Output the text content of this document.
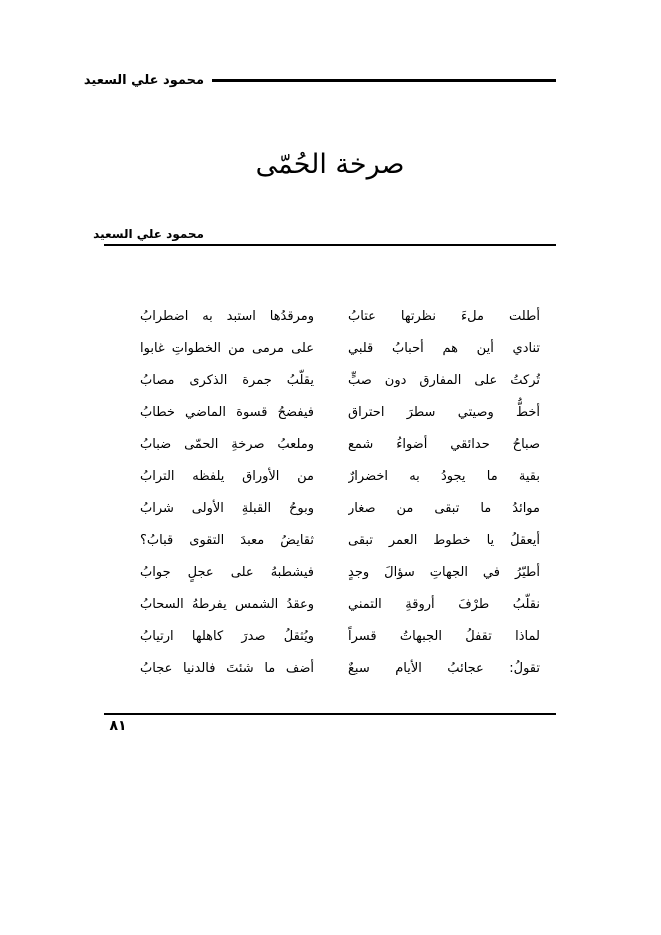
محمود علي السعيد
صرخة الحُمّى
محمود علي السعيد
أطلت ملءَ نظرتها عتابُ
ومرقدُها استبد به اضطرابُ
تنادي أين هم أحبابُ قلبي
على مرمى من الخطواتِ غابوا
تُركتُ على المفارق دون صبٍّ
يقلّبُ جمرة الذكرى مصابُ
أخطُّ وصيتي سطرَ احتراق
فيفضحُ قسوة الماضي خطابُ
صباحُ حدائقي أضواءُ شمع
وملعبُ صرخةِ الحمّى ضبابُ
بقية ما يجودُ به اخضرارٌ
من الأوراق يلفظه الترابُ
موائدُ ما تبقى من صغار
وبوحُ القبلةِ الأولى شرابُ
أيعقلُ يا خطوط العمر تبقى
ثقايضُ معبدَ التقوى قبابُ؟
أطيّرُ في الجهاتِ سؤالَ وجدٍ
فيشطبهُ على عجلٍ جوابُ
نقلّبُ طرْفَ أروقةِ التمني
وعقدُ الشمس يفرطهُ السحابُ
لماذا تقفلُ الجبهاتُ قسراً
ويُثقلُ صدرَ كاهلها ارتيابُ
تقولُ: عجائبُ الأيام سبعٌ
أضف ما شئتَ فالدنيا عجابُ
٨١
